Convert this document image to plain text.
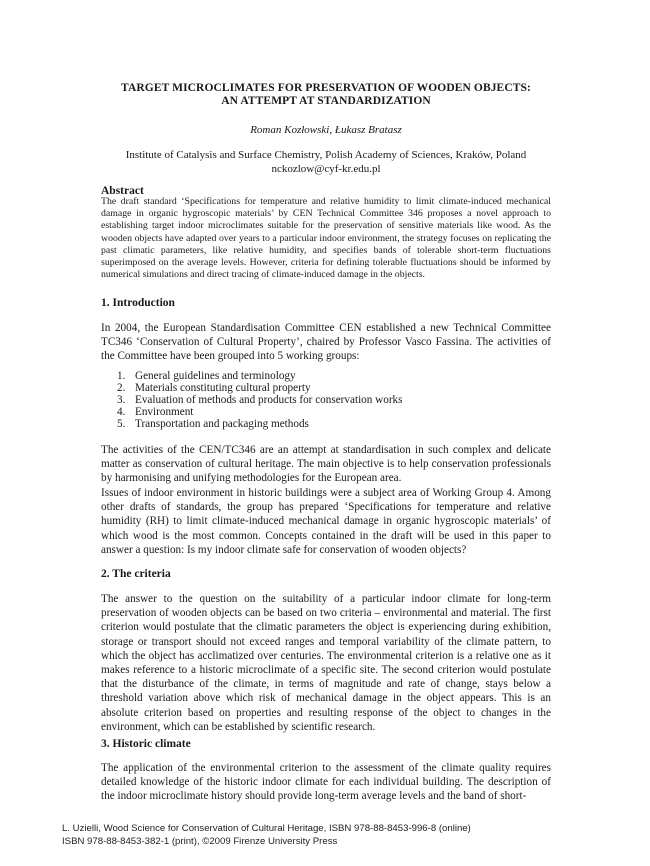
TARGET MICROCLIMATES FOR PRESERVATION OF WOODEN OBJECTS:
AN ATTEMPT AT STANDARDIZATION
Roman Kozłowski, Łukasz Bratasz
Institute of Catalysis and Surface Chemistry, Polish Academy of Sciences, Kraków, Poland
nckozlow@cyf-kr.edu.pl
Abstract
The draft standard ‘Specifications for temperature and relative humidity to limit climate-induced mechanical damage in organic hygroscopic materials’ by CEN Technical Committee 346 proposes a novel approach to establishing target indoor microclimates suitable for the preservation of sensitive materials like wood. As the wooden objects have adapted over years to a particular indoor environment, the strategy focuses on replicating the past climatic parameters, like relative humidity, and specifies bands of tolerable short-term fluctuations superimposed on the average levels. However, criteria for defining tolerable fluctuations should be informed by numerical simulations and direct tracing of climate-induced damage in the objects.
1. Introduction
In 2004, the European Standardisation Committee CEN established a new Technical Committee TC346 ‘Conservation of Cultural Property’, chaired by Professor Vasco Fassina. The activities of the Committee have been grouped into 5 working groups:
1. General guidelines and terminology
2. Materials constituting cultural property
3. Evaluation of methods and products for conservation works
4. Environment
5. Transportation and packaging methods
The activities of the CEN/TC346 are an attempt at standardisation in such complex and delicate matter as conservation of cultural heritage. The main objective is to help conservation professionals by harmonising and unifying methodologies for the European area.
Issues of indoor environment in historic buildings were a subject area of Working Group 4. Among other drafts of standards, the group has prepared ‘Specifications for temperature and relative humidity (RH) to limit climate-induced mechanical damage in organic hygroscopic materials’ of which wood is the most common. Concepts contained in the draft will be used in this paper to answer a question: Is my indoor climate safe for conservation of wooden objects?
2. The criteria
The answer to the question on the suitability of a particular indoor climate for long-term preservation of wooden objects can be based on two criteria – environmental and material. The first criterion would postulate that the climatic parameters the object is experiencing during exhibition, storage or transport should not exceed ranges and temporal variability of the climate pattern, to which the object has acclimatized over centuries. The environmental criterion is a relative one as it makes reference to a historic microclimate of a specific site. The second criterion would postulate that the disturbance of the climate, in terms of magnitude and rate of change, stays below a threshold variation above which risk of mechanical damage in the object appears. This is an absolute criterion based on properties and resulting response of the object to changes in the environment, which can be established by scientific research.
3. Historic climate
The application of the environmental criterion to the assessment of the climate quality requires detailed knowledge of the historic indoor climate for each individual building. The description of the indoor microclimate history should provide long-term average levels and the band of short-
L. Uzielli, Wood Science for Conservation of Cultural Heritage, ISBN 978-88-8453-996-8 (online)
ISBN 978-88-8453-382-1 (print), ©2009 Firenze University Press
